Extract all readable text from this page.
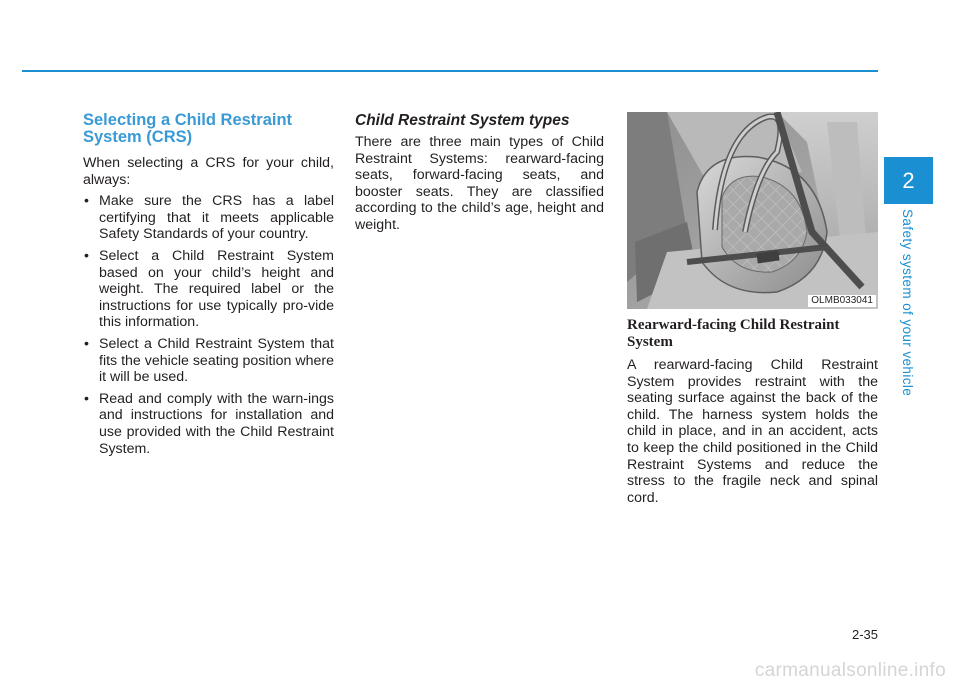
Selecting a Child Restraint System (CRS)

When selecting a CRS for your child, always:

• Make sure the CRS has a label certifying that it meets applicable Safety Standards of your country.
• Select a Child Restraint System based on your child’s height and weight. The required label or the instructions for use typically pro-vide this information.
• Select a Child Restraint System that fits the vehicle seating position where it will be used.
• Read and comply with the warn-ings and instructions for installation and use provided with the Child Restraint System.
Child Restraint System types

There are three main types of Child Restraint Systems: rearward-facing seats, forward-facing seats, and booster seats. They are classified according to the child’s age, height and weight.

OLMB033041
Rearward-facing Child Restraint System

A rearward-facing Child Restraint System provides restraint with the seating surface against the back of the child. The harness system holds the child in place, and in an accident, acts to keep the child positioned in the Child Restraint Systems and reduce the stress to the fragile neck and spinal cord.

2
Safety system of your vehicle
2-35
carmanualsonline.info
